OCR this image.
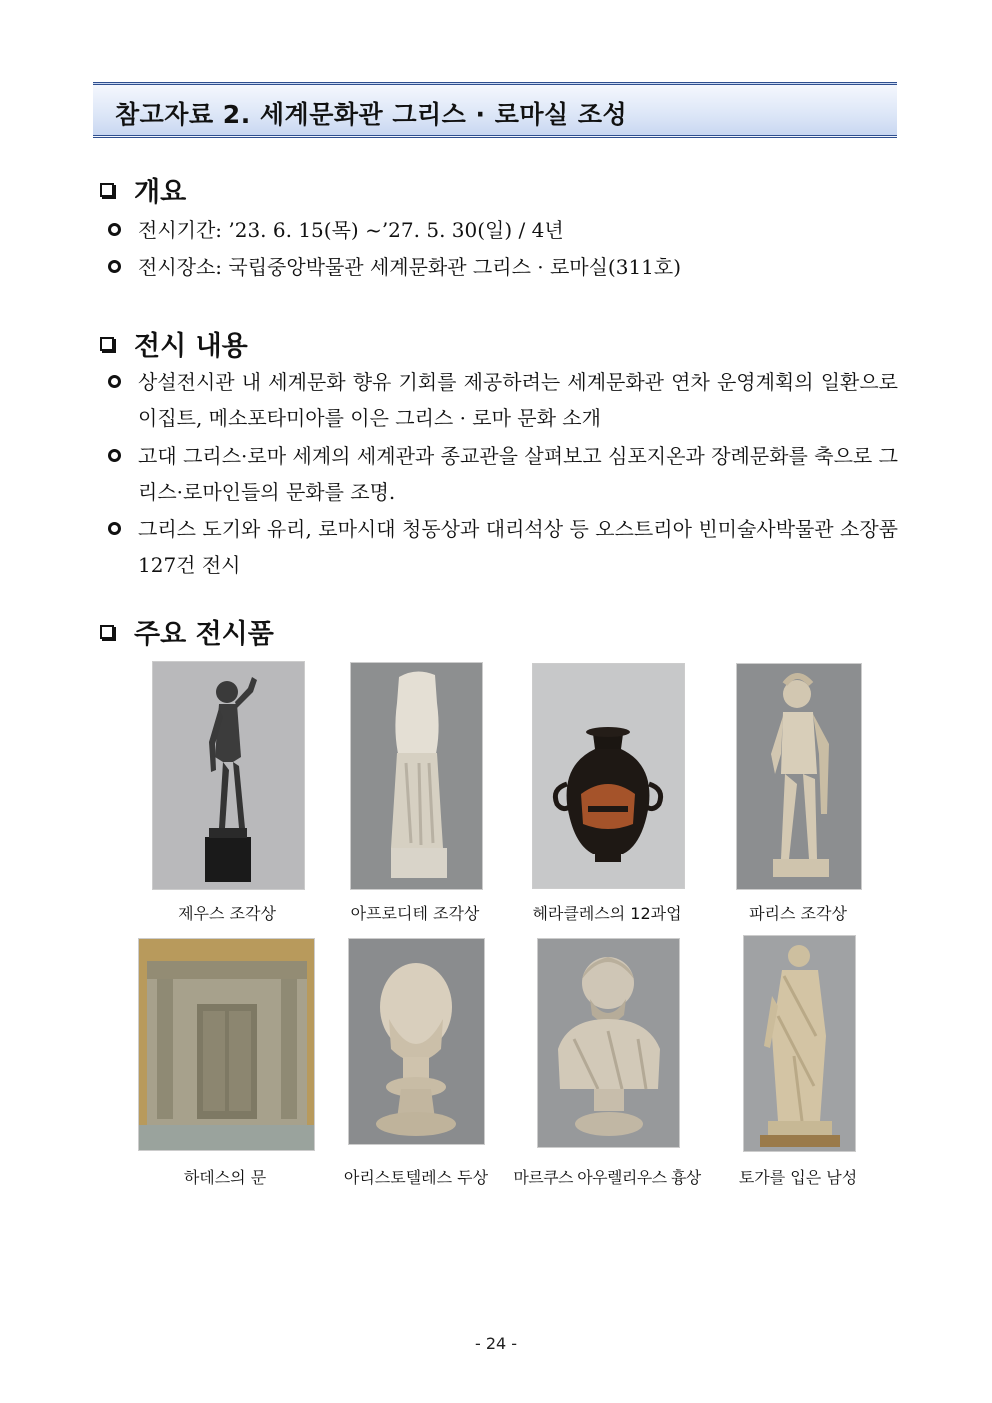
참고자료 2. 세계문화관 그리스 · 로마실 조성
개요
전시기간: ’23. 6. 15(목) ~’27. 5. 30(일) / 4년
전시장소: 국립중앙박물관 세계문화관 그리스 · 로마실(311호)
전시 내용
상설전시관 내 세계문화 향유 기회를 제공하려는 세계문화관 연차 운영계획의 일환으로 이집트, 메소포타미아를 이은 그리스 · 로마 문화 소개
고대 그리스·로마 세계의 세계관과 종교관을 살펴보고 심포지온과 장례문화를 축으로 그리스·로마인들의 문화를 조명.
그리스 도기와 유리, 로마시대 청동상과 대리석상 등 오스트리아 빈미술사박물관 소장품 127건 전시
주요 전시품
제우스 조각상	아프로디테 조각상	헤라클레스의 12과업	파리스 조각상
하데스의 문	아리스토텔레스 두상	마르쿠스 아우렐리우스 흉상	토가를 입은 남성
- 24 -
